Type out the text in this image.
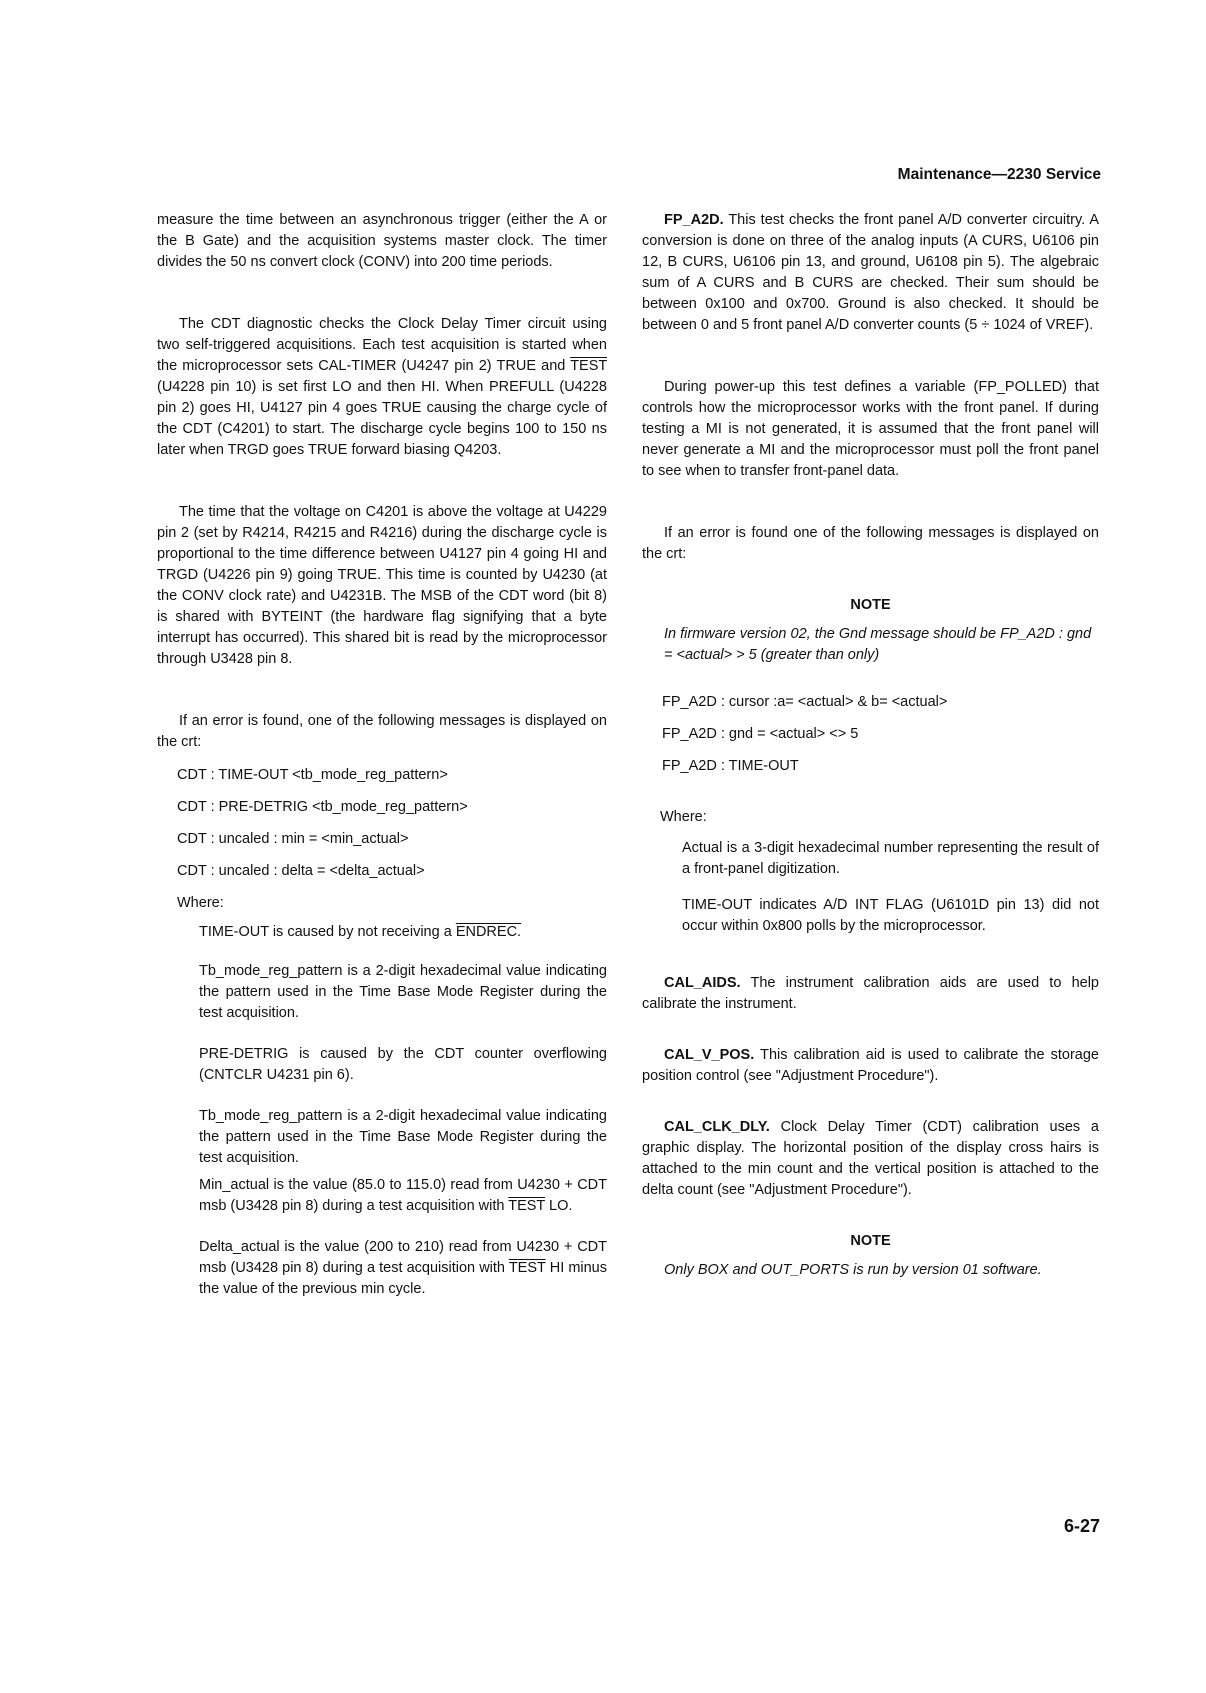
Maintenance—2230 Service

measure the time between an asynchronous trigger (either the A or the B Gate) and the acquisition systems master clock. The timer divides the 50 ns convert clock (CONV) into 200 time periods.

The CDT diagnostic checks the Clock Delay Timer circuit using two self-triggered acquisitions. Each test acquisition is started when the microprocessor sets CAL-TIMER (U4247 pin 2) TRUE and TEST (U4228 pin 10) is set first LO and then HI. When PREFULL (U4228 pin 2) goes HI, U4127 pin 4 goes TRUE causing the charge cycle of the CDT (C4201) to start. The discharge cycle begins 100 to 150 ns later when TRGD goes TRUE forward biasing Q4203.

The time that the voltage on C4201 is above the voltage at U4229 pin 2 (set by R4214, R4215 and R4216) during the discharge cycle is proportional to the time difference between U4127 pin 4 going HI and TRGD (U4226 pin 9) going TRUE. This time is counted by U4230 (at the CONV clock rate) and U4231B. The MSB of the CDT word (bit 8) is shared with BYTEINT (the hardware flag signifying that a byte interrupt has occurred). This shared bit is read by the microprocessor through U3428 pin 8.

If an error is found, one of the following messages is displayed on the crt:

CDT : TIME-OUT <tb_mode_reg_pattern>
CDT : PRE-DETRIG <tb_mode_reg_pattern>
CDT : uncaled : min = <min_actual>
CDT : uncaled : delta = <delta_actual>
Where:

TIME-OUT is caused by not receiving a ENDREC.

Tb_mode_reg_pattern is a 2-digit hexadecimal value indicating the pattern used in the Time Base Mode Register during the test acquisition.

PRE-DETRIG is caused by the CDT counter overflowing (CNTCLR U4231 pin 6).

Tb_mode_reg_pattern is a 2-digit hexadecimal value indicating the pattern used in the Time Base Mode Register during the test acquisition.

Min_actual is the value (85.0 to 115.0) read from U4230 + CDT msb (U3428 pin 8) during a test acquisition with TEST LO.

Delta_actual is the value (200 to 210) read from U4230 + CDT msb (U3428 pin 8) during a test acquisition with TEST HI minus the value of the previous min cycle.

FP_A2D. This test checks the front panel A/D converter circuitry. A conversion is done on three of the analog inputs (A CURS, U6106 pin 12, B CURS, U6106 pin 13, and ground, U6108 pin 5). The algebraic sum of A CURS and B CURS are checked. Their sum should be between 0x100 and 0x700. Ground is also checked. It should be between 0 and 5 front panel A/D converter counts (5 ÷ 1024 of VREF).

During power-up this test defines a variable (FP_POLLED) that controls how the microprocessor works with the front panel. If during testing a MI is not generated, it is assumed that the front panel will never generate a MI and the microprocessor must poll the front panel to see when to transfer front-panel data.

If an error is found one of the following messages is displayed on the crt:

NOTE

In firmware version 02, the Gnd message should be FP_A2D : gnd = <actual> > 5 (greater than only)

FP_A2D : cursor :a= <actual> & b= <actual>
FP_A2D : gnd = <actual> <> 5
FP_A2D : TIME-OUT
Where:

Actual is a 3-digit hexadecimal number representing the result of a front-panel digitization.

TIME-OUT indicates A/D INT FLAG (U6101D pin 13) did not occur within 0x800 polls by the microprocessor.

CAL_AIDS. The instrument calibration aids are used to help calibrate the instrument.

CAL_V_POS. This calibration aid is used to calibrate the storage position control (see "Adjustment Procedure").

CAL_CLK_DLY. Clock Delay Timer (CDT) calibration uses a graphic display. The horizontal position of the display cross hairs is attached to the min count and the vertical position is attached to the delta count (see "Adjustment Procedure").

NOTE

Only BOX and OUT_PORTS is run by version 01 software.

6-27
